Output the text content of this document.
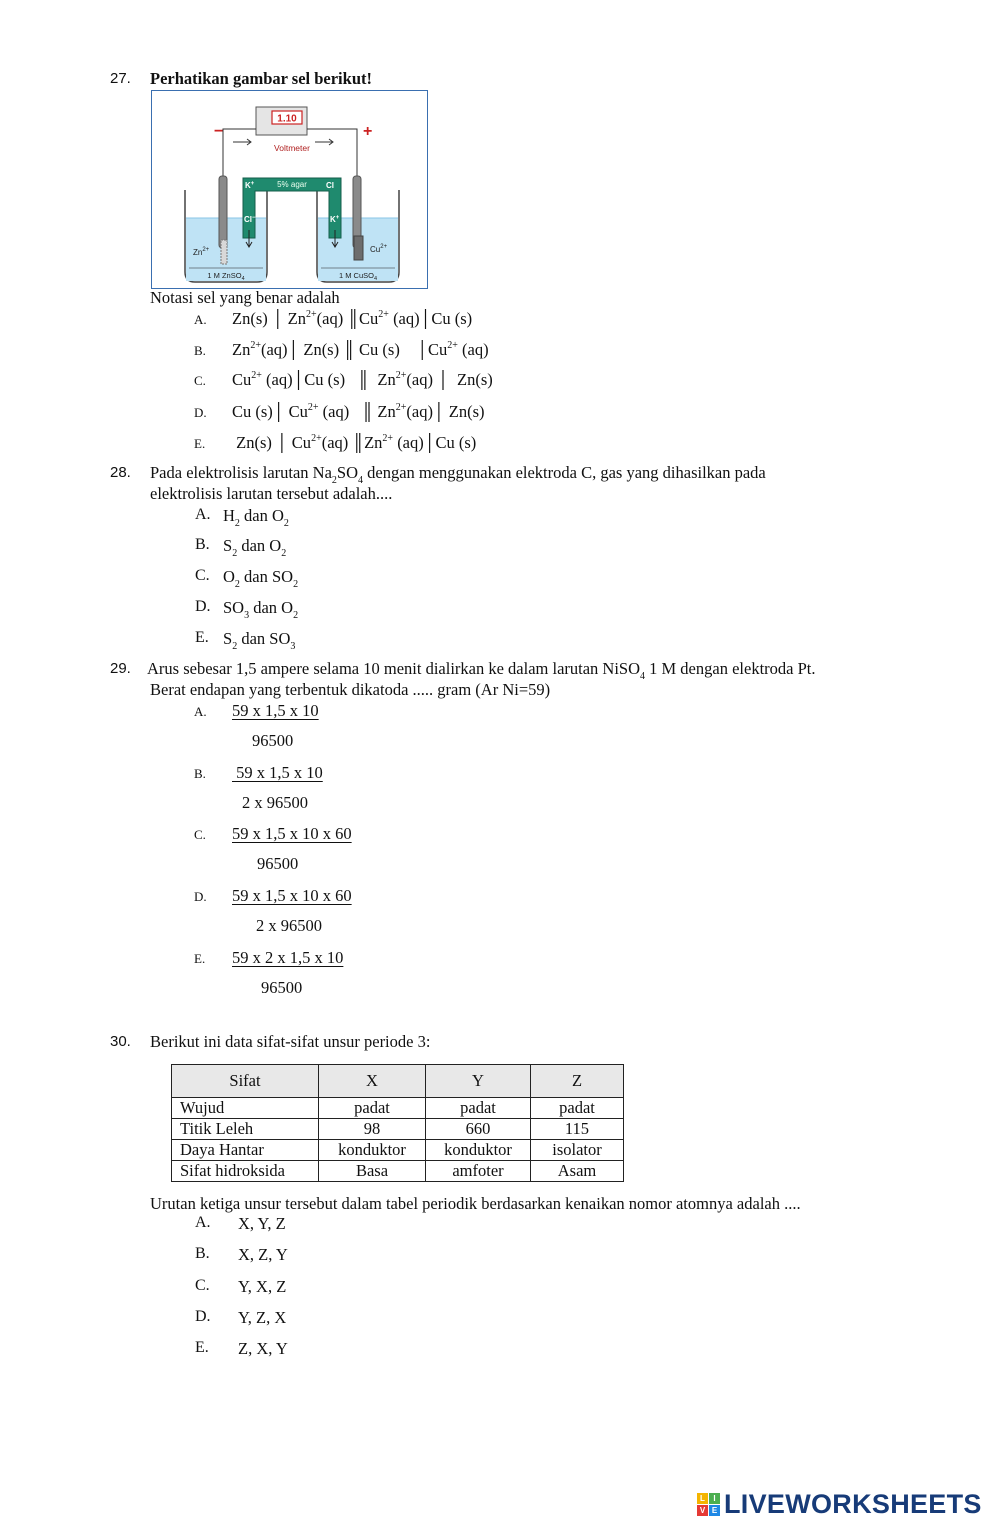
27. Perhatikan gambar sel berikut!
1.10
Voltmeter
−	+
5% agar
K+	Cl
Cl−	K+
$Zn^{2+}$	$Cu^{2+}$
1 M ZnSO$_4$	1 M CuSO$_4$
Notasi sel yang benar adalah
A. Zn(s) │ $Zn^{2+}(aq)$ $║Cu^{2+}$ (aq)│Cu (s)
B. $Zn^{2+}(aq)│$ Zn(s) ║ Cu (s)    $│Cu^{2+}$ (aq)
C. $Cu^{2+}$ (aq)│Cu (s)   ║  $Zn^{2+}(aq)$ │  Zn(s)
D. Cu (s)│ $Cu^{2+}$ (aq)   ║ $Zn^{2+}(aq)│$ Zn(s)
E. Zn(s) │ $Cu^{2+}(aq)$ $║Zn^{2+}$ (aq)│Cu (s)
28. Pada elektrolisis larutan $Na_2SO_4$ dengan menggunakan elektroda C, gas yang dihasilkan pada
elektrolisis larutan tersebut adalah....
A. $H_2$ dan $O_2$
B. $S_2$ dan $O_2$
C. $O_2$ dan $SO_2$
D. $SO_3$ dan $O_2$
E. $S_2$ dan $SO_3$
29. Arus sebesar 1,5 ampere selama 10 menit dialirkan ke dalam larutan NiSO$_4$ 1 M dengan elektroda Pt.
Berat endapan yang terbentuk dikatoda ..... gram (Ar Ni=59)
A. 59 x 1,5 x 10
96500
B. 59 x 1,5 x 10
2 x 96500
C. 59 x 1,5 x 10 x 60
96500
D. 59 x 1,5 x 10 x 60
2 x 96500
E. 59 x 2 x 1,5 x 10
96500
30. Berikut ini data sifat-sifat unsur periode 3:
Sifat	X	Y	Z
Wujud	padat	padat	padat
Titik Leleh	98	660	115
Daya Hantar	konduktor	konduktor	isolator
Sifat hidroksida	Basa	amfoter	Asam
Urutan ketiga unsur tersebut dalam tabel periodik berdasarkan kenaikan nomor atomnya adalah ....
A. X, Y, Z
B. X, Z, Y
C. Y, X, Z
D. Y, Z, X
E. Z, X, Y
L	I
V E LIVEWORKSHEETS
